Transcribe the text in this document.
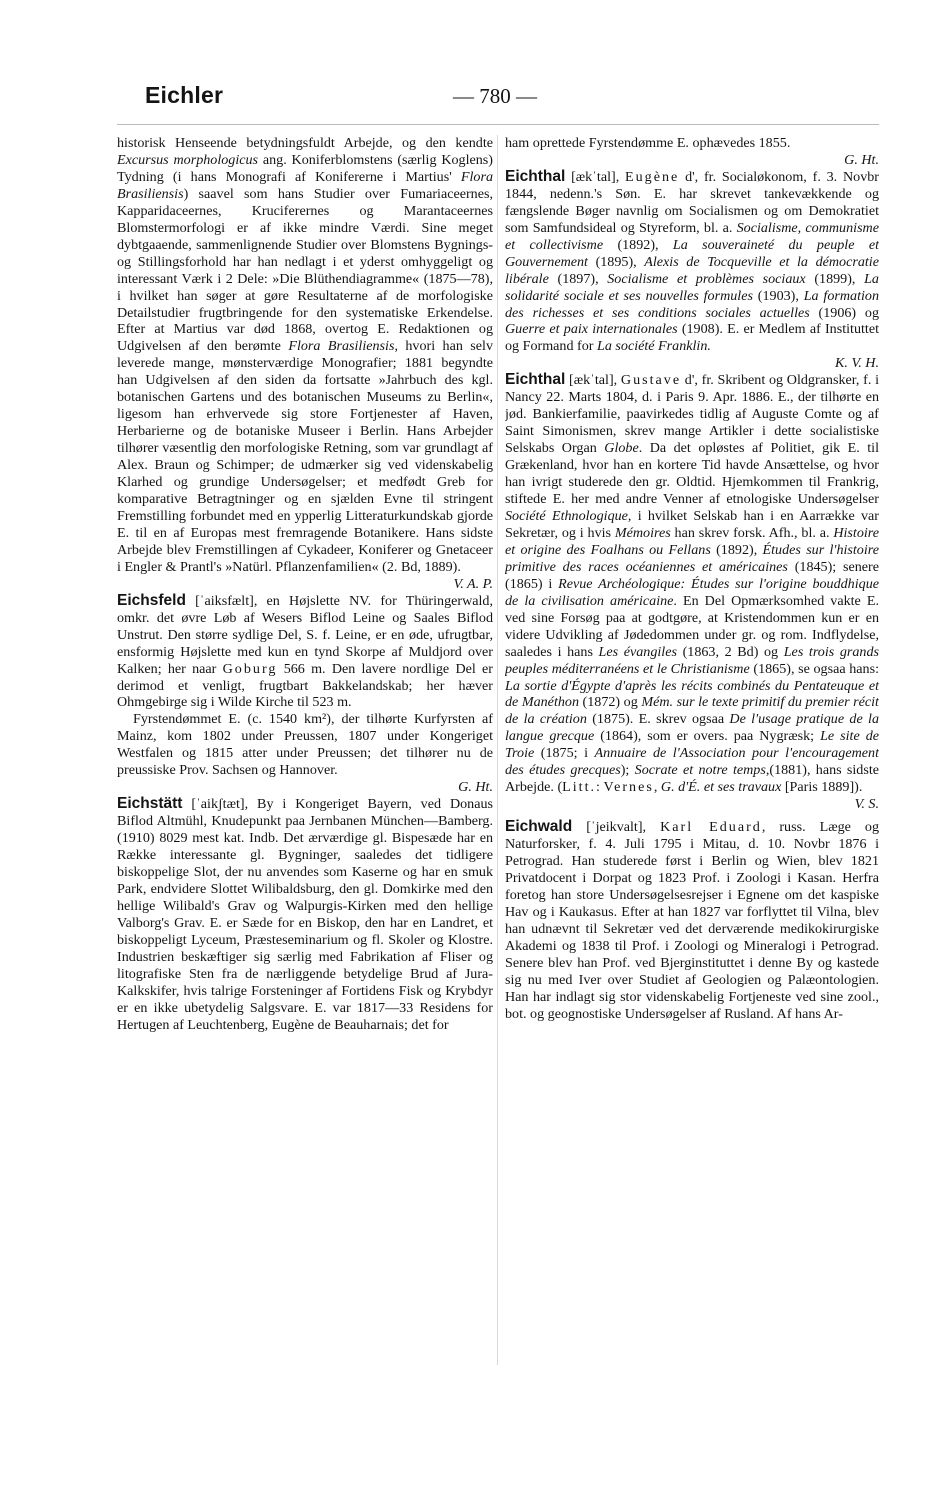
Eichler	— 780 —

historisk Henseende betydningsfuldt Arbejde, og den kendte Excursus morphologicus ang. Koniferblomstens (særlig Koglens) Tydning (i hans Monografi af Konifererne i Martius' Flora Brasiliensis) saavel som hans Studier over Fumariaceernes, Kapparidaceernes, Kruciferernes og Marantaceernes Blomstermorfologi er af ikke mindre Værdi. Sine meget dybtgaaende, sammenlignende Studier over Blomstens Bygnings- og Stillingsforhold har han nedlagt i et yderst omhyggeligt og interessant Værk i 2 Dele: »Die Blüthendiagramme« (1875—78), i hvilket han søger at gøre Resultaterne af de morfologiske Detailstudier frugtbringende for den systematiske Erkendelse. Efter at Martius var død 1868, overtog E. Redaktionen og Udgivelsen af den berømte Flora Brasiliensis, hvori han selv leverede mange, mønsterværdige Monografier; 1881 begyndte han Udgivelsen af den siden da fortsatte »Jahrbuch des kgl. botanischen Gartens und des botanischen Museums zu Berlin«, ligesom han erhvervede sig store Fortjenester af Haven, Herbarierne og de botaniske Museer i Berlin. Hans Arbejder tilhører væsentlig den morfologiske Retning, som var grundlagt af Alex. Braun og Schimper; de udmærker sig ved videnskabelig Klarhed og grundige Undersøgelser; et medfødt Greb for komparative Betragtninger og en sjælden Evne til stringent Fremstilling forbundet med en ypperlig Litteraturkundskab gjorde E. til en af Europas mest fremragende Botanikere. Hans sidste Arbejde blev Fremstillingen af Cykadeer, Koniferer og Gnetaceer i Engler & Prantl's »Natürl. Pflanzenfamilien« (2. Bd, 1889).
V. A. P.

Eichsfeld [ˈaiksfælt], en Højslette NV. for Thüringerwald, omkr. det øvre Løb af Wesers Biflod Leine og Saales Biflod Unstrut. Den større sydlige Del, S. f. Leine, er en øde, ufrugtbar, ensformig Højslette med kun en tynd Skorpe af Muldjord over Kalken; her naar Goburg 566 m. Den lavere nordlige Del er derimod et venligt, frugtbart Bakkelandskab; her hæver Ohmgebirge sig i Wilde Kirche til 523 m.

Fyrstendømmet E. (c. 1540 km²), der tilhørte Kurfyrsten af Mainz, kom 1802 under Preussen, 1807 under Kongeriget Westfalen og 1815 atter under Preussen; det tilhører nu de preussiske Prov. Sachsen og Hannover.
G. Ht.

Eichstätt [ˈaikʃtæt], By i Kongeriget Bayern, ved Donaus Biflod Altmühl, Knudepunkt paa Jernbanen München—Bamberg. (1910) 8029 mest kat. Indb. Det ærværdige gl. Bispesæde har en Række interessante gl. Bygninger, saaledes det tidligere biskoppelige Slot, der nu anvendes som Kaserne og har en smuk Park, endvidere Slottet Wilibaldsburg, den gl. Domkirke med den hellige Wilibald's Grav og Walpurgis-Kirken med den hellige Valborg's Grav. E. er Sæde for en Biskop, den har en Landret, et biskoppeligt Lyceum, Præsteseminarium og fl. Skoler og Klostre. Industrien beskæftiger sig særlig med Fabrikation af Fliser og litografiske Sten fra de nærliggende betydelige Brud af Jura-Kalkskifer, hvis talrige Forsteninger af Fortidens Fisk og Krybdyr er en ikke ubetydelig Salgsvare. E. var 1817—33 Residens for Hertugen af Leuchtenberg, Eugène de Beauharnais; det for

ham oprettede Fyrstendømme E. ophævedes 1855.
G. Ht.

Eichthal [ækˈtal], Eugène d', fr. Socialøkonom, f. 3. Novbr 1844, nedenn.'s Søn. E. har skrevet tankevækkende og fængslende Bøger navnlig om Socialismen og om Demokratiet som Samfundsideal og Styreform, bl. a. Socialisme, communisme et collectivisme (1892), La souveraineté du peuple et Gouvernement (1895), Alexis de Tocqueville et la démocratie libérale (1897), Socialisme et problèmes sociaux (1899), La solidarité sociale et ses nouvelles formules (1903), La formation des richesses et ses conditions sociales actuelles (1906) og Guerre et paix internationales (1908). E. er Medlem af Instituttet og Formand for La société Franklin.
K. V. H.

Eichthal [ækˈtal], Gustave d', fr. Skribent og Oldgransker, f. i Nancy 22. Marts 1804, d. i Paris 9. Apr. 1886. E., der tilhørte en jød. Bankierfamilie, paavirkedes tidlig af Auguste Comte og af Saint Simonismen, skrev mange Artikler i dette socialistiske Selskabs Organ Globe. Da det opløstes af Politiet, gik E. til Grækenland, hvor han en kortere Tid havde Ansættelse, og hvor han ivrigt studerede den gr. Oldtid. Hjemkommen til Frankrig, stiftede E. her med andre Venner af etnologiske Undersøgelser Société Ethnologique, i hvilket Selskab han i en Aarrække var Sekretær, og i hvis Mémoires han skrev forsk. Afh., bl. a. Histoire et origine des Foalhans ou Fellans (1892), Études sur l'histoire primitive des races océaniennes et américaines (1845); senere (1865) i Revue Archéologique: Études sur l'origine bouddhique de la civilisation américaine. En Del Opmærksomhed vakte E. ved sine Forsøg paa at godtgøre, at Kristendommen kun er en videre Udvikling af Jødedommen under gr. og rom. Indflydelse, saaledes i hans Les évangiles (1863, 2 Bd) og Les trois grands peuples méditerranéens et le Christianisme (1865), se ogsaa hans: La sortie d'Égypte d'après les récits combinés du Pentateuque et de Manéthon (1872) og Mém. sur le texte primitif du premier récit de la création (1875). E. skrev ogsaa De l'usage pratique de la langue grecque (1864), som er overs. paa Nygræsk; Le site de Troie (1875; i Annuaire de l'Association pour l'encouragement des études grecques); Socrate et notre temps,(1881), hans sidste Arbejde. (Litt.: Vernes, G. d'É. et ses travaux [Paris 1889]).
V. S.

Eichwald [ˈjeikvalt], Karl Eduard, russ. Læge og Naturforsker, f. 4. Juli 1795 i Mitau, d. 10. Novbr 1876 i Petrograd. Han studerede først i Berlin og Wien, blev 1821 Privatdocent i Dorpat og 1823 Prof. i Zoologi i Kasan. Herfra foretog han store Undersøgelsesrejser i Egnene om det kaspiske Hav og i Kaukasus. Efter at han 1827 var forflyttet til Vilna, blev han udnævnt til Sekretær ved det derværende medikokirurgiske Akademi og 1838 til Prof. i Zoologi og Mineralogi i Petrograd. Senere blev han Prof. ved Bjerginstituttet i denne By og kastede sig nu med Iver over Studiet af Geologien og Palæontologien. Han har indlagt sig stor videnskabelig Fortjeneste ved sine zool., bot. og geognostiske Undersøgelser af Rusland. Af hans Ar-
